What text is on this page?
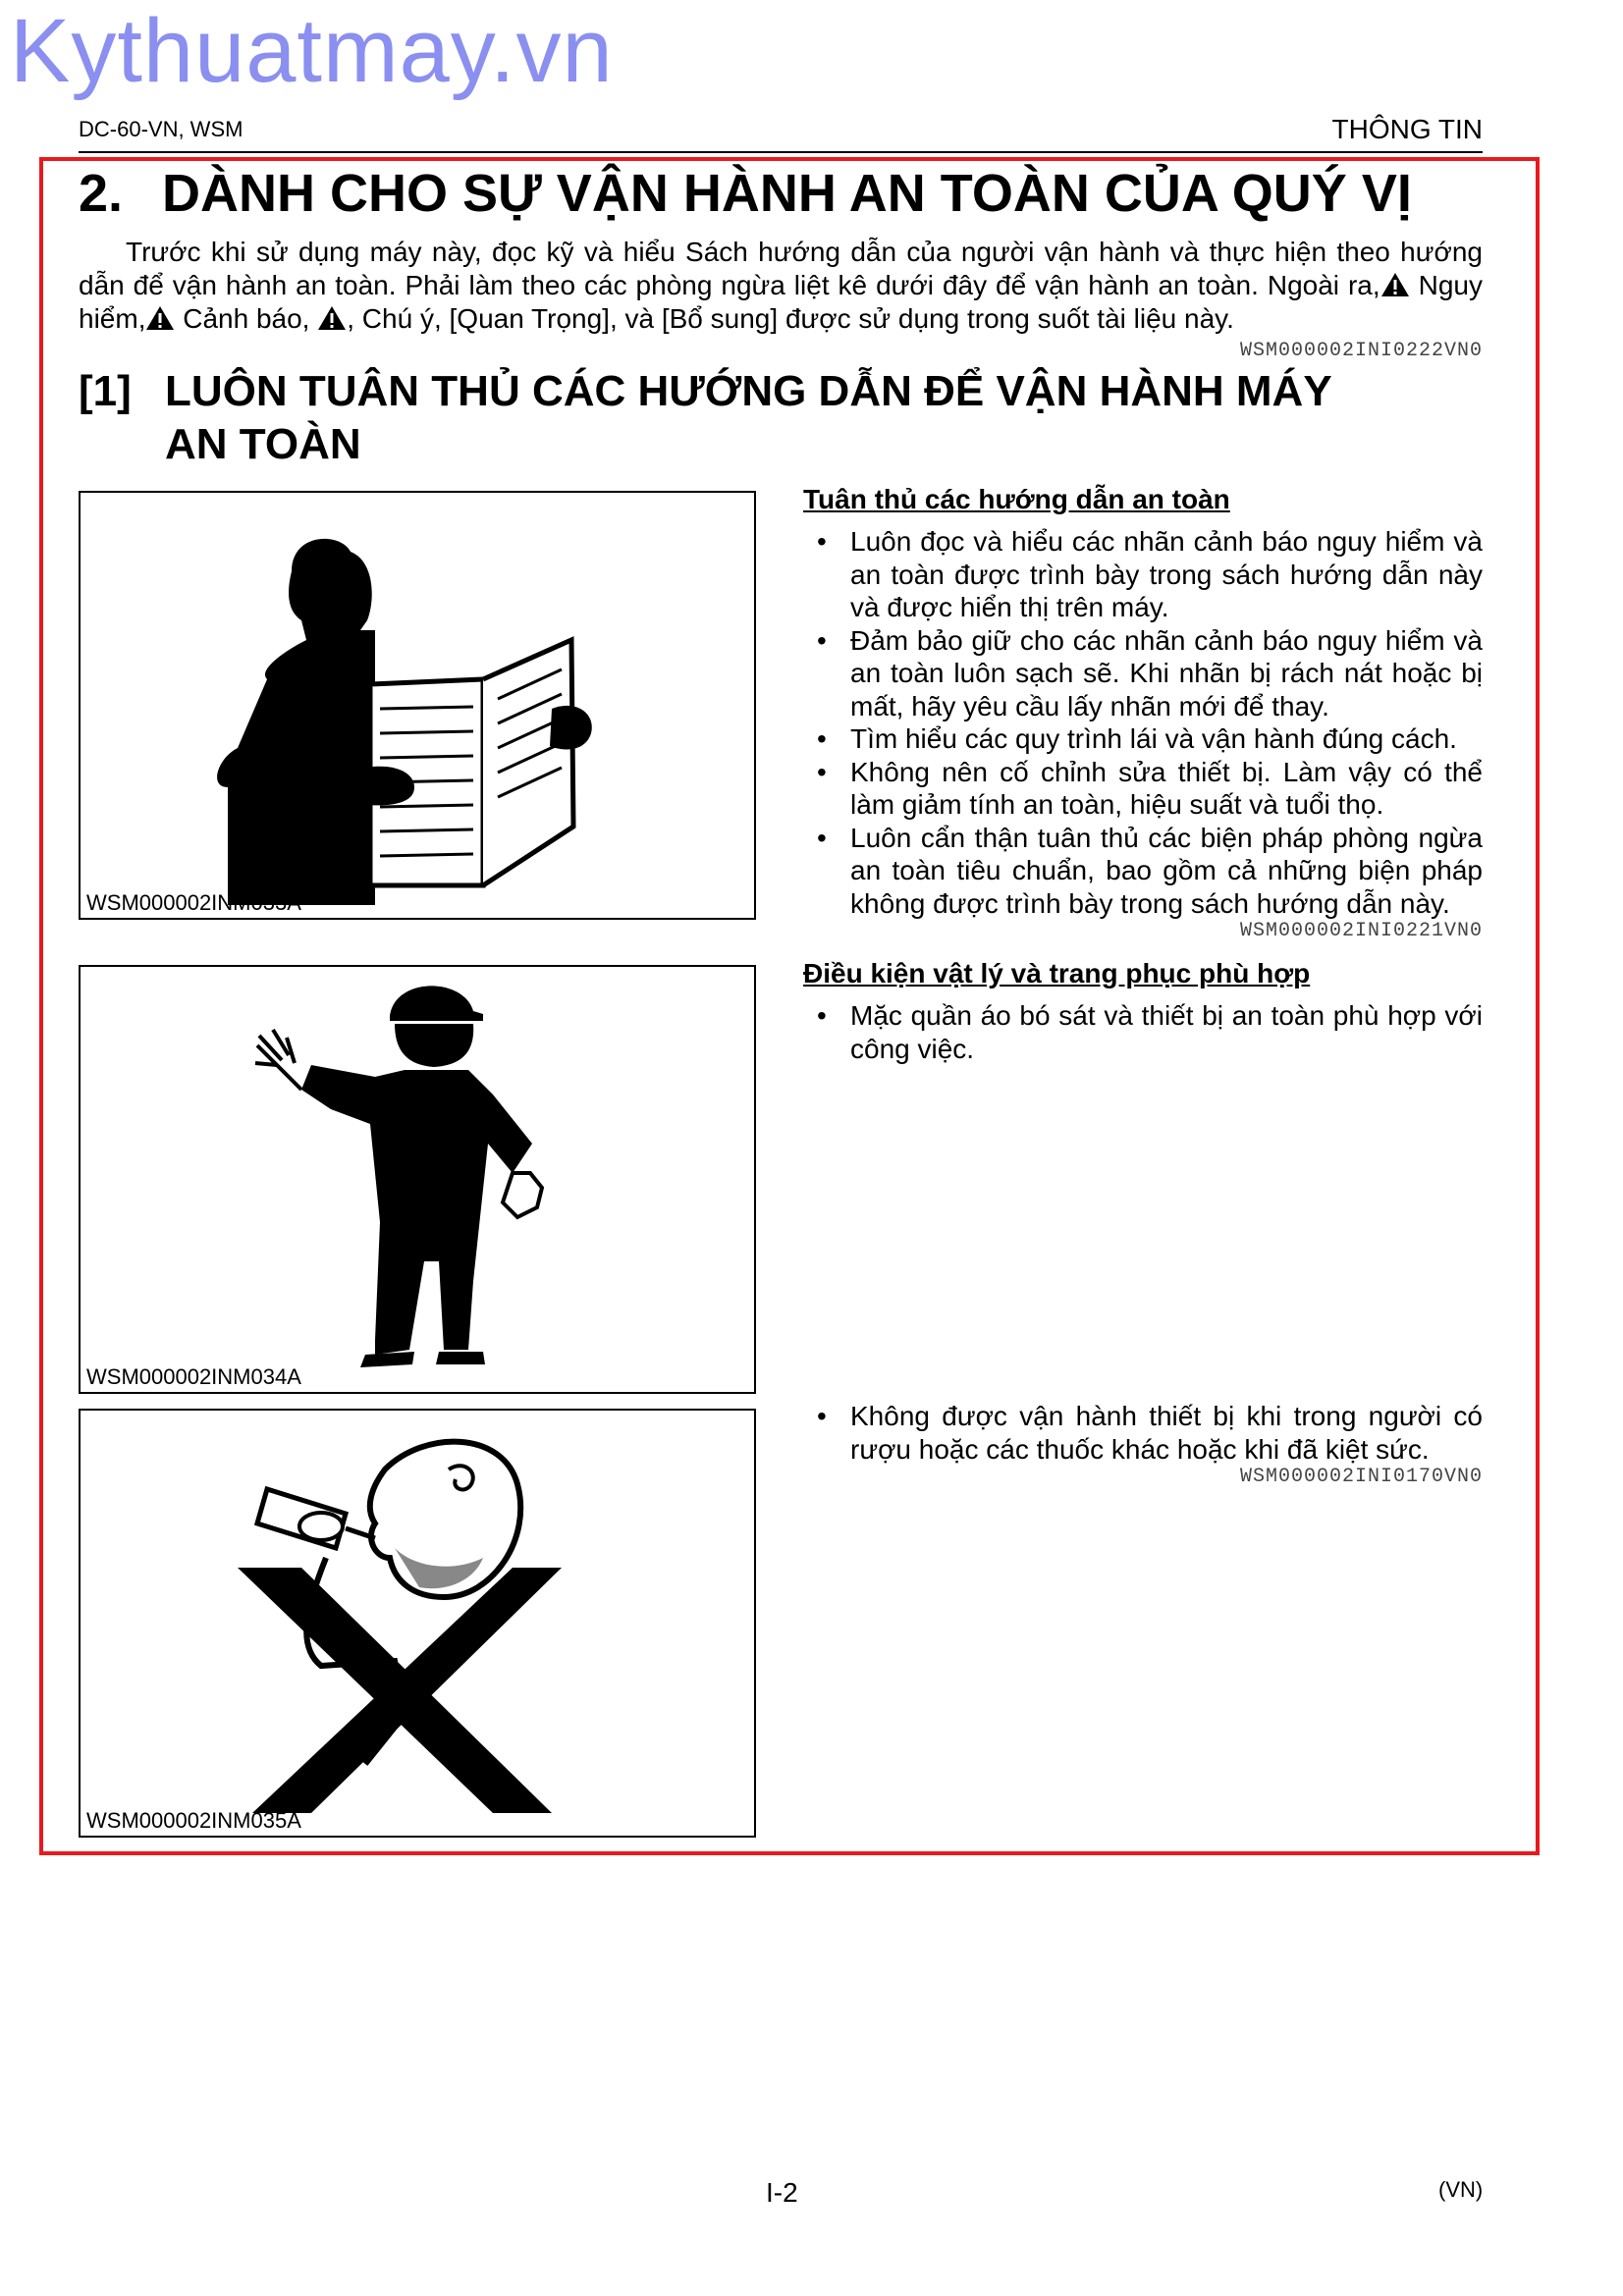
Kythuatmay.vn
DC-60-VN, WSM	THÔNG TIN
2. DÀNH CHO SỰ VẬN HÀNH AN TOÀN CỦA QUÝ VỊ
Trước khi sử dụng máy này, đọc kỹ và hiểu Sách hướng dẫn của người vận hành và thực hiện theo hướng dẫn để vận hành an toàn. Phải làm theo các phòng ngừa liệt kê dưới đây để vận hành an toàn. Ngoài ra, Nguy hiểm, Cảnh báo, , Chú ý, [Quan Trọng], và [Bổ sung] được sử dụng trong suốt tài liệu này.
WSM000002INI0222VN0
[1] LUÔN TUÂN THỦ CÁC HƯỚNG DẪN ĐỂ VẬN HÀNH MÁY AN TOÀN
WSM000002INM033A
WSM000002INM034A
WSM000002INM035A
Tuân thủ các hướng dẫn an toàn
• Luôn đọc và hiểu các nhãn cảnh báo nguy hiểm và an toàn được trình bày trong sách hướng dẫn này và được hiển thị trên máy.
• Đảm bảo giữ cho các nhãn cảnh báo nguy hiểm và an toàn luôn sạch sẽ. Khi nhãn bị rách nát hoặc bị mất, hãy yêu cầu lấy nhãn mới để thay.
• Tìm hiểu các quy trình lái và vận hành đúng cách.
• Không nên cố chỉnh sửa thiết bị. Làm vậy có thể làm giảm tính an toàn, hiệu suất và tuổi thọ.
• Luôn cẩn thận tuân thủ các biện pháp phòng ngừa an toàn tiêu chuẩn, bao gồm cả những biện pháp không được trình bày trong sách hướng dẫn này.
WSM000002INI0221VN0
Điều kiện vật lý và trang phục phù hợp
• Mặc quần áo bó sát và thiết bị an toàn phù hợp với công việc.
• Không được vận hành thiết bị khi trong người có rượu hoặc các thuốc khác hoặc khi đã kiệt sức.
WSM000002INI0170VN0
I-2	(VN)
